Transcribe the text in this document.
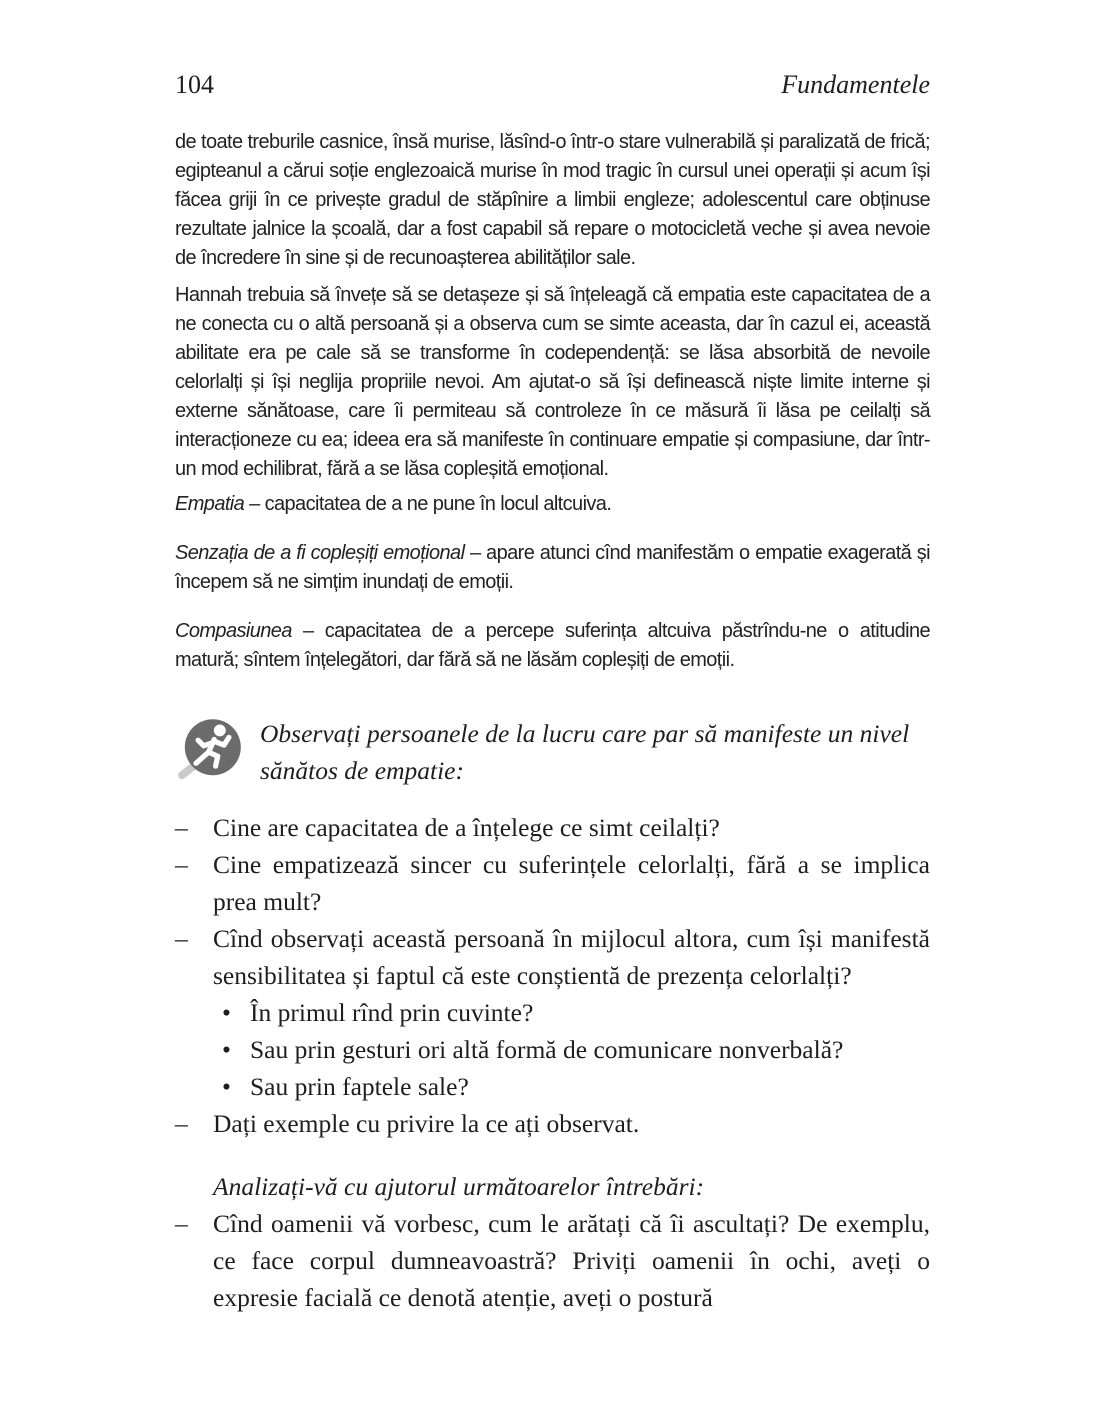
104	Fundamentele

de toate treburile casnice, însă murise, lăsînd-o într-o stare vulnerabilă și paralizată de frică; egipteanul a cărui soție englezoaică murise în mod tragic în cursul unei operații și acum își făcea griji în ce privește gradul de stăpînire a limbii engleze; adolescentul care obținuse rezultate jalnice la școală, dar a fost capabil să repare o motocicletă veche și avea nevoie de încredere în sine și de recunoașterea abilităților sale.

Hannah trebuia să învețe să se detașeze și să înțeleagă că empatia este capacitatea de a ne conecta cu o altă persoană și a observa cum se simte aceasta, dar în cazul ei, această abilitate era pe cale să se transforme în codependență: se lăsa absorbită de nevoile celorlalți și își neglija propriile nevoi. Am ajutat-o să își definească niște limite interne și externe sănătoase, care îi permiteau să controleze în ce măsură îi lăsa pe ceilalți să interacționeze cu ea; ideea era să manifeste în continuare empatie și compasiune, dar într-un mod echilibrat, fără a se lăsa copleșită emoțional.

Empatia – capacitatea de a ne pune în locul altcuiva.

Senzația de a fi copleșiți emoțional – apare atunci cînd manifestăm o empatie exagerată și începem să ne simțim inundați de emoții.

Compasiunea – capacitatea de a percepe suferința altcuiva păstrîndu-ne o atitudine matură; sîntem înțelegători, dar fără să ne lăsăm copleșiți de emoții.

Observați persoanele de la lucru care par să manifeste un nivel sănătos de empatie:
– Cine are capacitatea de a înțelege ce simt ceilalți?
– Cine empatizează sincer cu suferințele celorlalți, fără a se implica prea mult?
– Cînd observați această persoană în mijlocul altora, cum își manifestă sensibilitatea și faptul că este conștientă de prezența celorlalți?
• În primul rînd prin cuvinte?
• Sau prin gesturi ori altă formă de comunicare nonverbală?
• Sau prin faptele sale?
– Dați exemple cu privire la ce ați observat.
Analizați-vă cu ajutorul următoarelor întrebări:
– Cînd oamenii vă vorbesc, cum le arătați că îi ascultați? De exemplu, ce face corpul dumneavoastră? Priviți oamenii în ochi, aveți o expresie facială ce denotă atenție, aveți o postură
